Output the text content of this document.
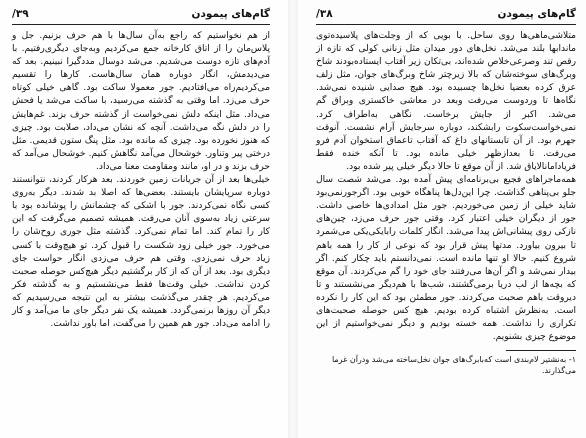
۳۸/	گام‌های پیمودن

متلاشی‌ماهی‌ها روی ساحل. با بویی که از وجلت‌ها‌ی پلاسیده‌توی ماندابها بلند می‌شد. نخل‌های دور میدان مثل زنانی کولی که تازه از رقص تند وصرعی‌خلاص شده‌اند، بی‌تکان زیر آفتاب ایستاده‌بودند شاخ وبرگ‌های سوخته‌شان که بالا زیرچتر شاخ وبرگ‌های جوان، مثل زلف عرق کرده بعضیا نخل‌ها چسبیده بود. هیچ صدایی شنیده نمی‌شد. نگاه‌ها تا وردوست می‌رفت وبعد در معاشی خاکستری وبراق گم می‌شد. اکبر از جایش برخاست. نگاهی به‌اطراف کرد. نمی‌خواست‌سکوت رابشکند، دوباره سرجایش آرام نشست. آنوقت جهرم بود. از آن تابستانهای داغ که آفتاب تاعماق استخوان آدم فرو می‌رفت. تا بعدازظهر خیلی مانده بود. تا آنکه خنده فقط فریادامانالایاق شد. از آن موقع تا حالا دیگر خیلی پیر شده بود.

همه‌ماجراهای فجیع بی‌برنامه‌ای پیش آمده بود. می‌شد شصت سال جلو بی‌پناهی گذاشت. چرا این‌دل‌ها پناهگاه خوبی بود. اگرجور‌نمی‌بود شاید خیلی از زمین می‌خوردیم. جور مثل امدادی‌ها خاصی داشت. جور از دیگران خیلی اعتبار کرد. وقتی جور حرف می‌زد، چین‌های نازکی روی پیشانی‌اش پیدا می‌شد. انگار کلمات رابایکی‌یکی می‌شمرد تا بیرون بیاورد. مدتها پیش قرار بود که نوعی از کار را همه باهم شروع کنیم. حالا او تنها مانده است. نمی‌دانستم باید چکار کنم. اگر بیدار نمی‌شد و اگر آن‌ها می‌رفتند جای خود را گم می‌کردند. آن موقع که بچه‌ها از لب دریا برمی‌گشتند، شب‌ها با هم‌دیگر می‌نشستند و تا دیروقت باهم صحبت می‌کردند. جور مطمئن بود که این کار را نکرده است. به‌نظرش اشتباه کرده بودیم. هیچ کس حوصله صحبت‌های تکراری را نداشت. همه خسته بودیم و دیگر نمی‌خواستیم از این موضوع چیزی بشنویم.

۱- به‌نشتیر لام‌بندی است که‌بابرگ‌های جوان نخل‌ساخته می‌شد ودرآن غرما می‌گذارند.
گام‌های پیمودن
۳۹/

از هم نخواستیم که راجع به‌آن سال‌ها با هم حرف بزنیم. جل و پلاس‌مان را از اتاق کارخانه جمع می‌کردیم وبه‌جای دیگری‌رفتیم. با آدم‌های تازه دوست می‌شدیم. می‌شد دوسال مددگیرا نبینیم. بعد که می‌دیدمش، انگار دوباره همان سال‌هاست. کارها را تقسیم می‌کردیم‌راه می‌افتادیم. جور معمولا ساکت بود. گاهی خیلی کوتاه حرف می‌زد. اما وقتی به گذشته می‌رسید، با ساکت می‌شد یا فحش می‌داد. مثل اینکه دلش نمی‌خواست از گذشته حرف بزند. غم‌هایش را در دلش نگه می‌داشت. آنچه که نشان می‌داد، صلابت بود. چیزی که هنوز نخورده بود. چیزی که مانده بود. مثل پنگ ستون قدیمی. مثل درختی پیر وتناور. خوشحال می‌آمد نگاهش کنیم. خوشحال می‌آمد که حرف بزند و در او، مانند ومقاومت معنا می‌داد.

خیلی‌ها بعد از آن جریانات زمین خوردند. بعد هرکار کردند، نتوانستند دوباره سرپایشان بایستند. بعضی‌ها که اصلا بد شدند. دیگر به‌روی کسی نگاه نمی‌کردند. جور با اشکی که چشمانش را پوشانده بود با سرعتی زیاد به‌سوی آنان می‌رفت. همیشه تصمیم می‌گرفت که این کار را تمام کند. اما تمام نمی‌کرد. گذشته مثل جوری روح‌شان را می‌خورد. جور خیلی زود شکست را قبول کرد. تو هیچ‌وقت با کسی زیاد حرف نمی‌زدی. وقتی هم حرف می‌زدی انگار حواست جای دیگری بود. بعد از آن که از کار برگشتیم دیگر هیچ‌کس حوصله صحبت کردن نداشت. خیلی وقت‌ها فقط می‌نشستیم و به گذشته فکر می‌کردیم. هر چقدر می‌گذشت بیشتر به این نتیجه می‌رسیدیم که دیگر آن روزها برنمی‌گردد. همیشه یک نفر دیگر جای ما می‌آمد و کار را ادامه می‌داد. جور هم همین را می‌گفت، اما باور نداشت.
